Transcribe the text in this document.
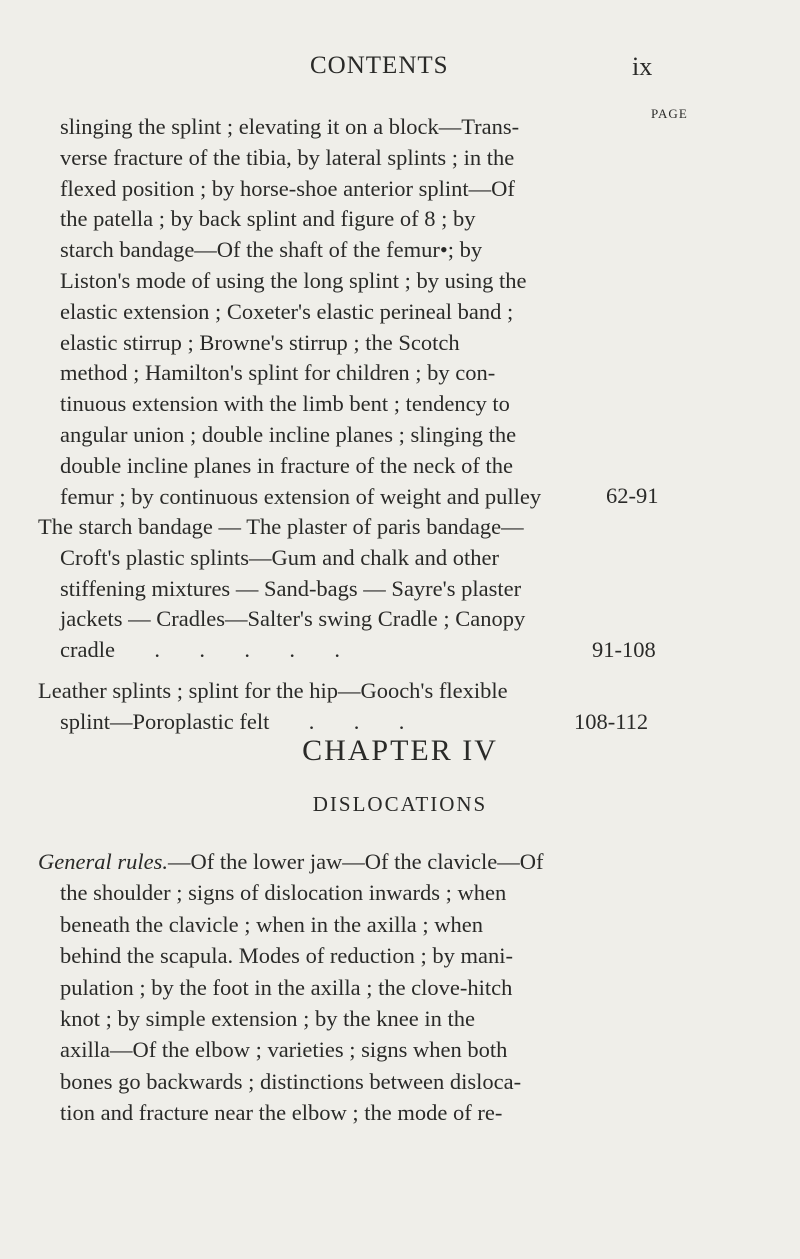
CONTENTS	ix
PAGE
slinging the splint ; elevating it on a block—Trans-
verse fracture of the tibia, by lateral splints ; in the
flexed position ; by horse-shoe anterior splint—Of
the patella ; by back splint and figure of 8 ; by
starch bandage—Of the shaft of the femur•; by
Liston's mode of using the long splint ; by using the
elastic extension ; Coxeter's elastic perineal band ;
elastic stirrup ; Browne's stirrup ; the Scotch
method ; Hamilton's splint for children ; by con-
tinuous extension with the limb bent ; tendency to
angular union ; double incline planes ; slinging the
double incline planes in fracture of the neck of the
femur ; by continuous extension of weight and pulley	62-91
The starch bandage — The plaster of paris bandage—
Croft's plastic splints—Gum and chalk and other
stiffening mixtures — Sand-bags — Sayre's plaster
jackets — Cradles—Salter's swing Cradle ; Canopy
cradle       .       .       .       .       .	91-108
Leather splints ; splint for the hip—Gooch's flexible
splint—Poroplastic felt       .       .       .	108-112
CHAPTER IV
DISLOCATIONS
General rules.—Of the lower jaw—Of the clavicle—Of
the shoulder ; signs of dislocation inwards ; when
beneath the clavicle ; when in the axilla ; when
behind the scapula. Modes of reduction ; by mani-
pulation ; by the foot in the axilla ; the clove-hitch
knot ; by simple extension ; by the knee in the
axilla—Of the elbow ; varieties ; signs when both
bones go backwards ; distinctions between disloca-
tion and fracture near the elbow ; the mode of re-
